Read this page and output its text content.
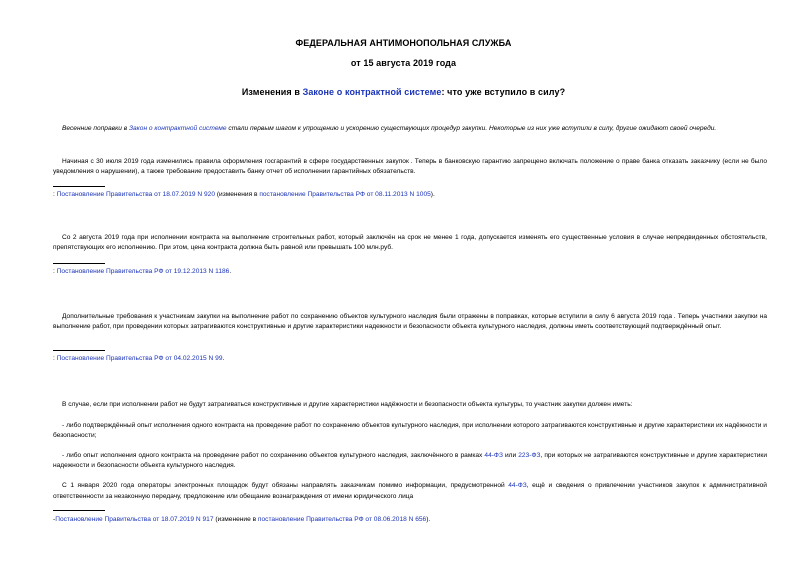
ФЕДЕРАЛЬНАЯ АНТИМОНОПОЛЬНАЯ СЛУЖБА
от 15 августа 2019 года
Изменения в Законе о контрактной системе: что уже вступило в силу?
Весенние поправки в Закон о контрактной системе стали первым шагом к упрощению и ускорению существующих процедур закупки. Некоторые из них уже вступили в силу, другие ожидают своей очереди.
Начиная с 30 июля 2019 года изменились правила оформления госгарантий в сфере государственных закупок . Теперь в банковскую гарантию запрещено включать положение о праве банка отказать заказчику (если не было уведомления о нарушении), а также требование предоставить банку отчет об исполнении гарантийных обязательств.
: Постановление Правительства от 18.07.2019 N 920 (изменения в постановление Правительства РФ от 08.11.2013 N 1005).
Со 2 августа 2019 года при исполнении контракта на выполнение строительных работ, который заключён на срок не менее 1 года, допускается изменять его существенные условия в случае непредвиденных обстоятельств, препятствующих его исполнению. При этом, цена контракта должна быть равной или превышать 100 млн.руб.
: Постановление Правительства РФ от 19.12.2013 N 1186.
Дополнительные требования к участникам закупки на выполнение работ по сохранению объектов культурного наследия были отражены в поправках, которые вступили в силу 6 августа 2019 года . Теперь участники закупки на выполнение работ, при проведении которых затрагиваются конструктивные и другие характеристики надежности и безопасности объекта культурного наследия, должны иметь соответствующий подтверждённый опыт.
: Постановление Правительства РФ от 04.02.2015 N 99.
В случае, если при исполнении работ не будут затрагиваться конструктивные и другие характеристики надёжности и безопасности объекта культуры, то участник закупки должен иметь:
- либо подтверждённый опыт исполнения одного контракта на проведение работ по сохранению объектов культурного наследия, при исполнении которого затрагиваются конструктивные и другие характеристики их надёжности и безопасности;
- либо опыт исполнения одного контракта на проведение работ по сохранению объектов культурного наследия, заключённого в рамках 44-ФЗ или 223-ФЗ, при которых не затрагиваются конструктивные и другие характеристики надежности и безопасности объекта культурного наследия.
С 1 января 2020 года операторы электронных площадок будут обязаны направлять заказчикам помимо информации, предусмотренной 44-ФЗ, ещё и сведения о привлечении участников закупок к административной ответственности за незаконную передачу, предложение или обещание вознаграждения от имени юридического лица
-Постановление Правительства от 18.07.2019 N 917 (изменение в постановление Правительства РФ от 08.06.2018 N 656).
